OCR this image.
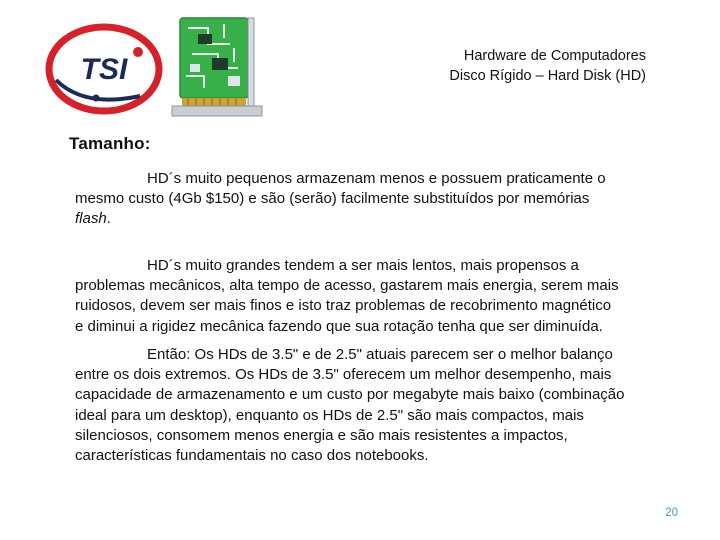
TSI	Hardware de Computadores
Disco Rígido – Hard Disk (HD)
Tamanho:
HD´s muito pequenos armazenam menos e possuem praticamente o
mesmo custo (4Gb $150) e são (serão) facilmente substituídos por memórias
flash.
HD´s muito grandes tendem a ser mais lentos, mais propensos a
problemas mecânicos, alta tempo de acesso, gastarem mais energia, serem mais
ruidosos, devem ser mais finos e isto traz problemas de recobrimento magnético
e diminui a rigidez mecânica fazendo que sua rotação tenha que ser diminuída.
Então: Os HDs de 3.5" e de 2.5" atuais parecem ser o melhor balanço
entre os dois extremos. Os HDs de 3.5" oferecem um melhor desempenho, mais
capacidade de armazenamento e um custo por megabyte mais baixo (combinação
ideal para um desktop), enquanto os HDs de 2.5" são mais compactos, mais
silenciosos, consomem menos energia e são mais resistentes a impactos,
características fundamentais no caso dos notebooks.
20
